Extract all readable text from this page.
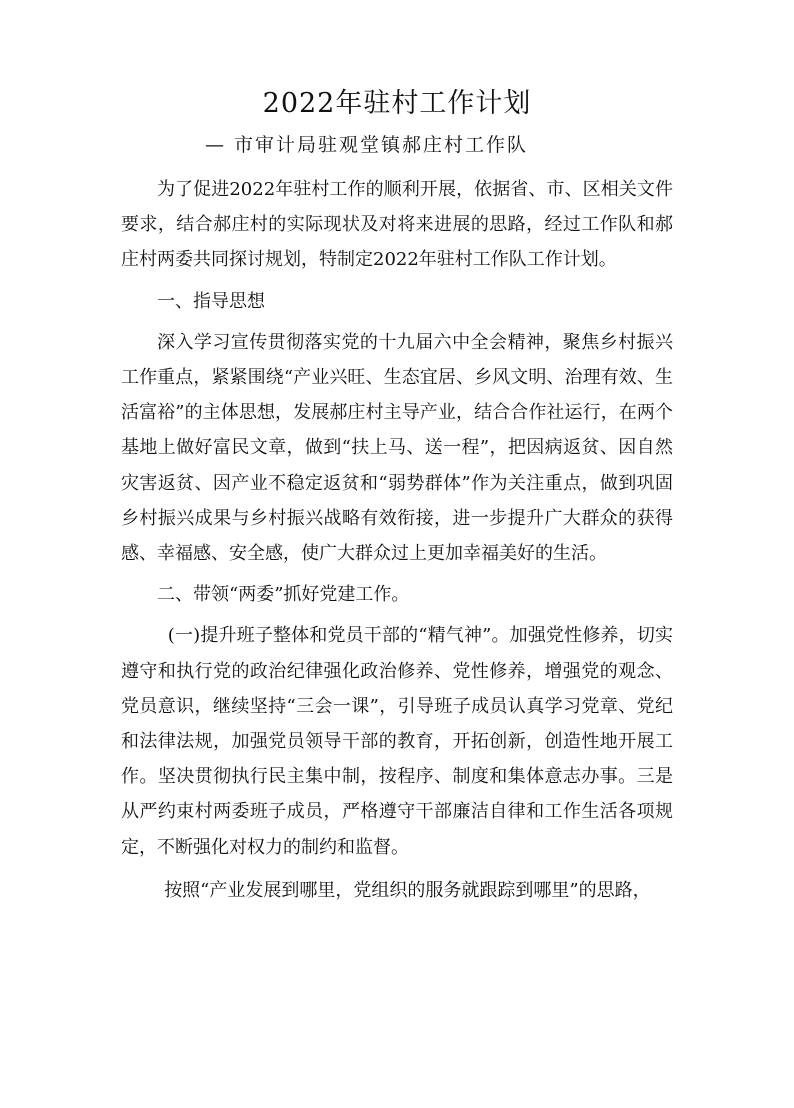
2022年驻村工作计划
— 市审计局驻观堂镇郝庄村工作队

为了促进2022年驻村工作的顺利开展，依据省、市、区相关文件要求，结合郝庄村的实际现状及对将来进展的思路，经过工作队和郝庄村两委共同探讨规划，特制定2022年驻村工作队工作计划。

一、指导思想

深入学习宣传贯彻落实党的十九届六中全会精神，聚焦乡村振兴工作重点，紧紧围绕“产业兴旺、生态宜居、乡风文明、治理有效、生活富裕”的主体思想，发展郝庄村主导产业，结合合作社运行，在两个基地上做好富民文章，做到“扶上马、送一程”，把因病返贫、因自然灾害返贫、因产业不稳定返贫和“弱势群体”作为关注重点，做到巩固乡村振兴成果与乡村振兴战略有效衔接，进一步提升广大群众的获得感、幸福感、安全感，使广大群众过上更加幸福美好的生活。

二、带领“两委”抓好党建工作。

(一)提升班子整体和党员干部的“精气神”。加强党性修养，切实遵守和执行党的政治纪律强化政治修养、党性修养，增强党的观念、党员意识，继续坚持“三会一课”，引导班子成员认真学习党章、党纪和法律法规，加强党员领导干部的教育，开拓创新，创造性地开展工作。坚决贯彻执行民主集中制，按程序、制度和集体意志办事。三是从严约束村两委班子成员，严格遵守干部廉洁自律和工作生活各项规定，不断强化对权力的制约和监督。

按照“产业发展到哪里，党组织的服务就跟踪到哪里”的思路，
